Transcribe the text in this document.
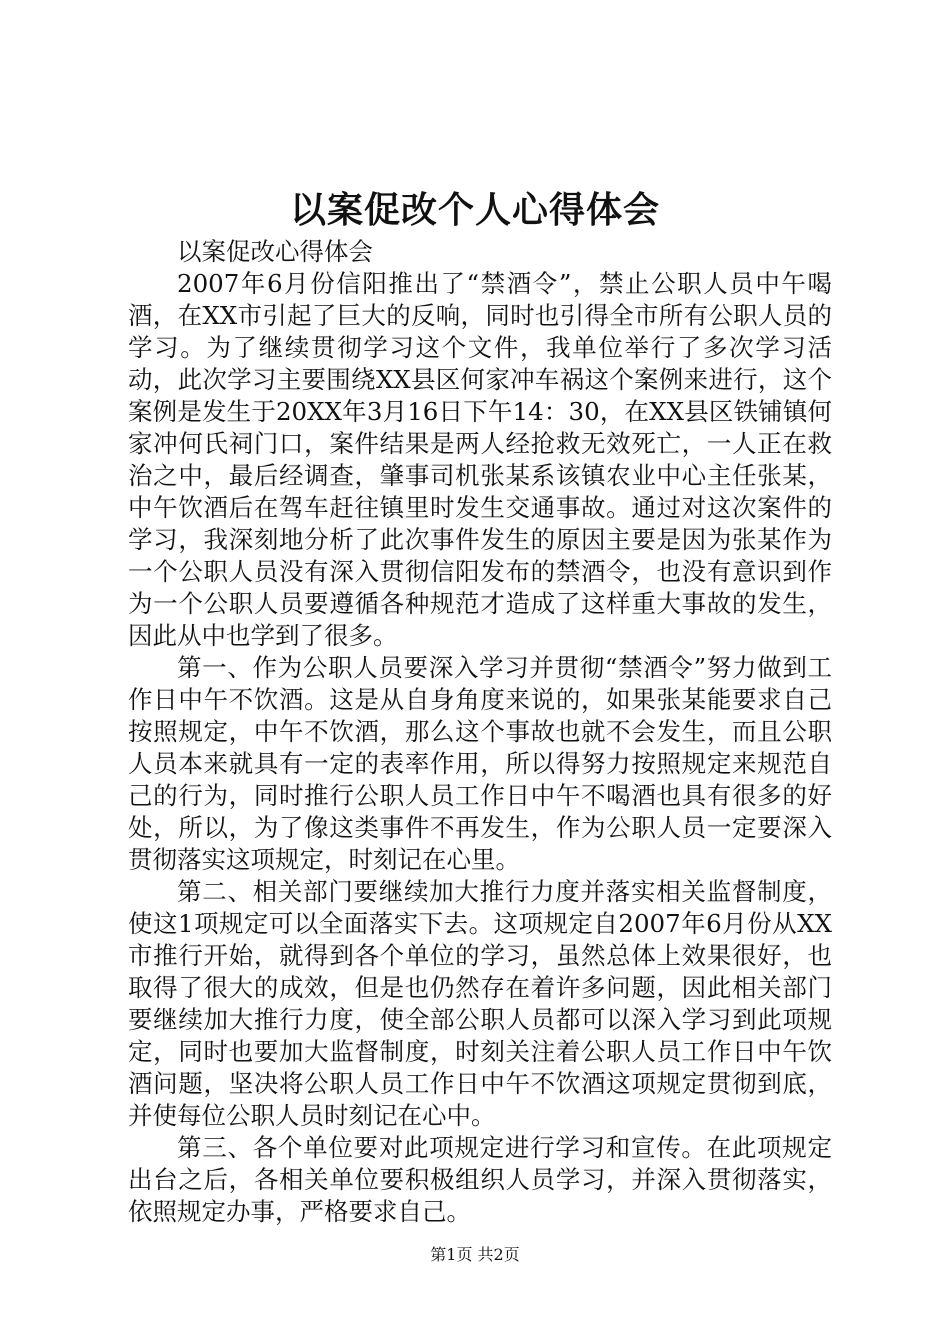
以案促改个人心得体会

以案促改心得体会

2007年6月份信阳推出了“禁酒令”，禁止公职人员中午喝酒，在XX市引起了巨大的反响，同时也引得全市所有公职人员的学习。为了继续贯彻学习这个文件，我单位举行了多次学习活动，此次学习主要围绕XX县区何家冲车祸这个案例来进行，这个案例是发生于20XX年3月16日下午14：30，在XX县区铁铺镇何家冲何氏祠门口，案件结果是两人经抢救无效死亡，一人正在救治之中，最后经调查，肇事司机张某系该镇农业中心主任张某，中午饮酒后在驾车赶往镇里时发生交通事故。通过对这次案件的学习，我深刻地分析了此次事件发生的原因主要是因为张某作为一个公职人员没有深入贯彻信阳发布的禁酒令，也没有意识到作为一个公职人员要遵循各种规范才造成了这样重大事故的发生，因此从中也学到了很多。

第一、作为公职人员要深入学习并贯彻“禁酒令”努力做到工作日中午不饮酒。这是从自身角度来说的，如果张某能要求自己按照规定，中午不饮酒，那么这个事故也就不会发生，而且公职人员本来就具有一定的表率作用，所以得努力按照规定来规范自己的行为，同时推行公职人员工作日中午不喝酒也具有很多的好处，所以，为了像这类事件不再发生，作为公职人员一定要深入贯彻落实这项规定，时刻记在心里。

第二、相关部门要继续加大推行力度并落实相关监督制度，使这1项规定可以全面落实下去。这项规定自2007年6月份从XX市推行开始，就得到各个单位的学习，虽然总体上效果很好，也取得了很大的成效，但是也仍然存在着许多问题，因此相关部门要继续加大推行力度，使全部公职人员都可以深入学习到此项规定，同时也要加大监督制度，时刻关注着公职人员工作日中午饮酒问题，坚决将公职人员工作日中午不饮酒这项规定贯彻到底，并使每位公职人员时刻记在心中。

第三、各个单位要对此项规定进行学习和宣传。在此项规定出台之后，各相关单位要积极组织人员学习，并深入贯彻落实，依照规定办事，严格要求自己。

第1页 共2页
